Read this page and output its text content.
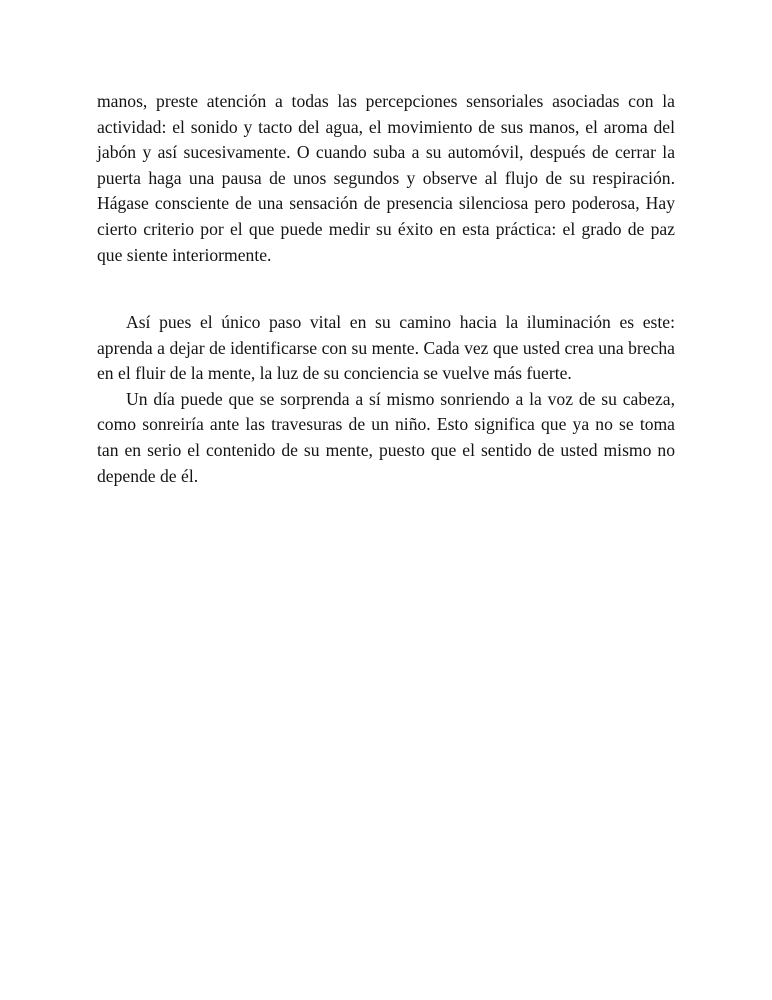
manos, preste atención a todas las percepciones sensoriales asociadas con la actividad: el sonido y tacto del agua, el movimiento de sus manos, el aroma del jabón y así sucesivamente. O cuando suba a su automóvil, después de cerrar la puerta haga una pausa de unos segundos y observe al flujo de su respiración. Hágase consciente de una sensación de presencia silenciosa pero poderosa, Hay cierto criterio por el que puede medir su éxito en esta práctica: el grado de paz que siente interiormente.

Así pues el único paso vital en su camino hacia la iluminación es este: aprenda a dejar de identificarse con su mente. Cada vez que usted crea una brecha en el fluir de la mente, la luz de su conciencia se vuelve más fuerte.

Un día puede que se sorprenda a sí mismo sonriendo a la voz de su cabeza, como sonreiría ante las travesuras de un niño. Esto significa que ya no se toma tan en serio el contenido de su mente, puesto que el sentido de usted mismo no depende de él.
